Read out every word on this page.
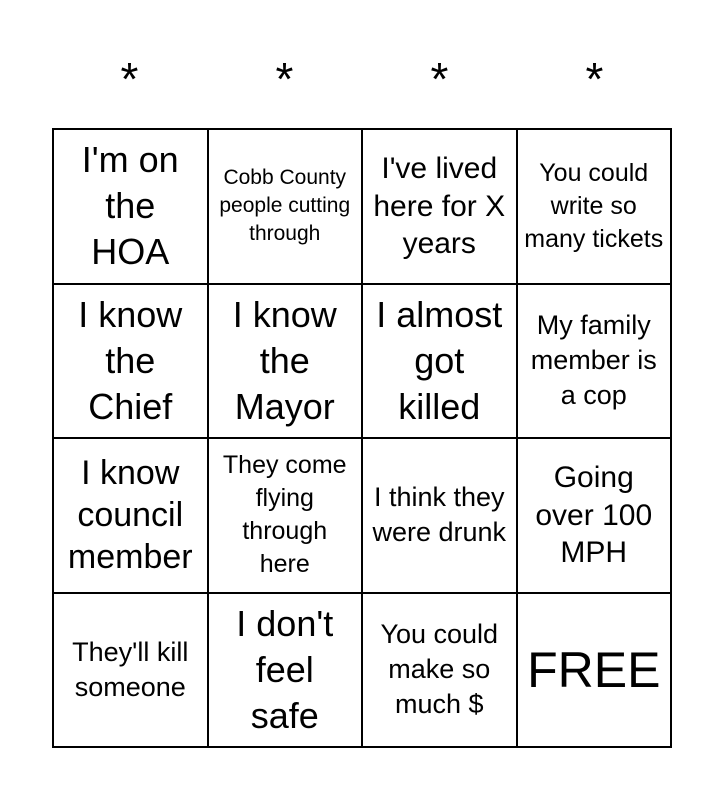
*	*	*	*
I'm on the HOA
Cobb County people cutting through
I've lived here for X years
You could write so many tickets
I know the Chief
I know the Mayor
I almost got killed
My family member is a cop
I know council member
They come flying through here
I think they were drunk
Going over 100 MPH
They'll kill someone
I don't feel safe
You could make so much $
FREE
